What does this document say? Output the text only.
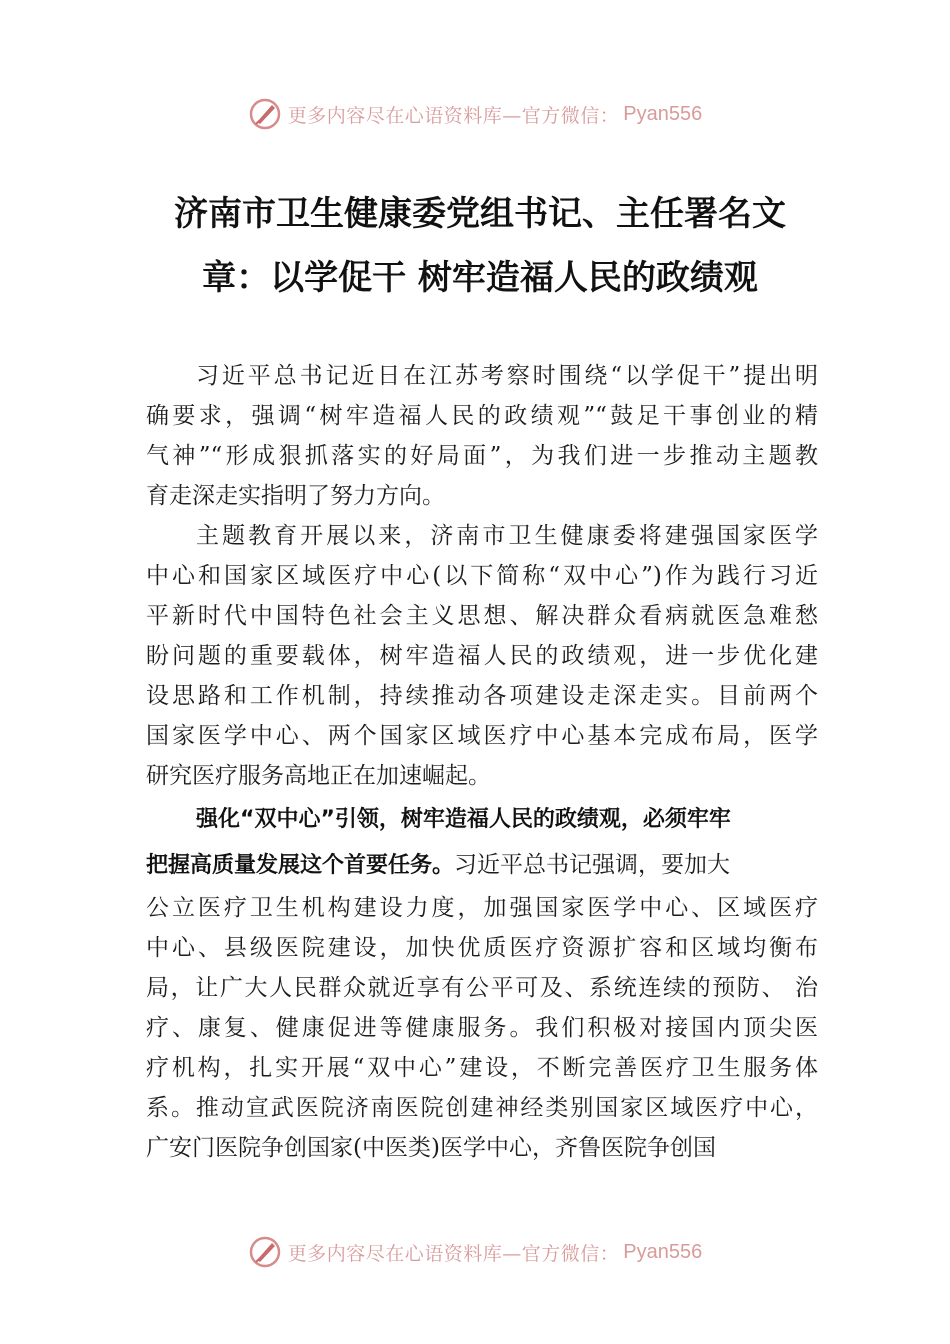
更多内容尽在心语资料库—官方微信： Pyan556
济南市卫生健康委党组书记、主任署名文
章：以学促干 树牢造福人民的政绩观
习近平总书记近日在江苏考察时围绕“以学促干”提出明
确要求，强调“树牢造福人民的政绩观”“鼓足干事创业的精
气神”“形成狠抓落实的好局面”，为我们进一步推动主题教
育走深走实指明了努力方向。
主题教育开展以来，济南市卫生健康委将建强国家医学
中心和国家区域医疗中心(以下简称“双中心”)作为践行习近
平新时代中国特色社会主义思想、解决群众看病就医急难愁
盼问题的重要载体，树牢造福人民的政绩观，进一步优化建
设思路和工作机制，持续推动各项建设走深走实。目前两个
国家医学中心、两个国家区域医疗中心基本完成布局，医学
研究医疗服务高地正在加速崛起。
强化“双中心”引领，树牢造福人民的政绩观，必须牢牢
把握高质量发展这个首要任务。习近平总书记强调，要加大
公立医疗卫生机构建设力度，加强国家医学中心、区域医疗
中心、县级医院建设，加快优质医疗资源扩容和区域均衡布
局，让广大人民群众就近享有公平可及、系统连续的预防、 治
疗、康复、健康促进等健康服务。我们积极对接国内顶尖医
疗机构，扎实开展“双中心”建设，不断完善医疗卫生服务体
系。推动宣武医院济南医院创建神经类别国家区域医疗中心，
广安门医院争创国家(中医类)医学中心，齐鲁医院争创国
更多内容尽在心语资料库—官方微信： Pyan556
